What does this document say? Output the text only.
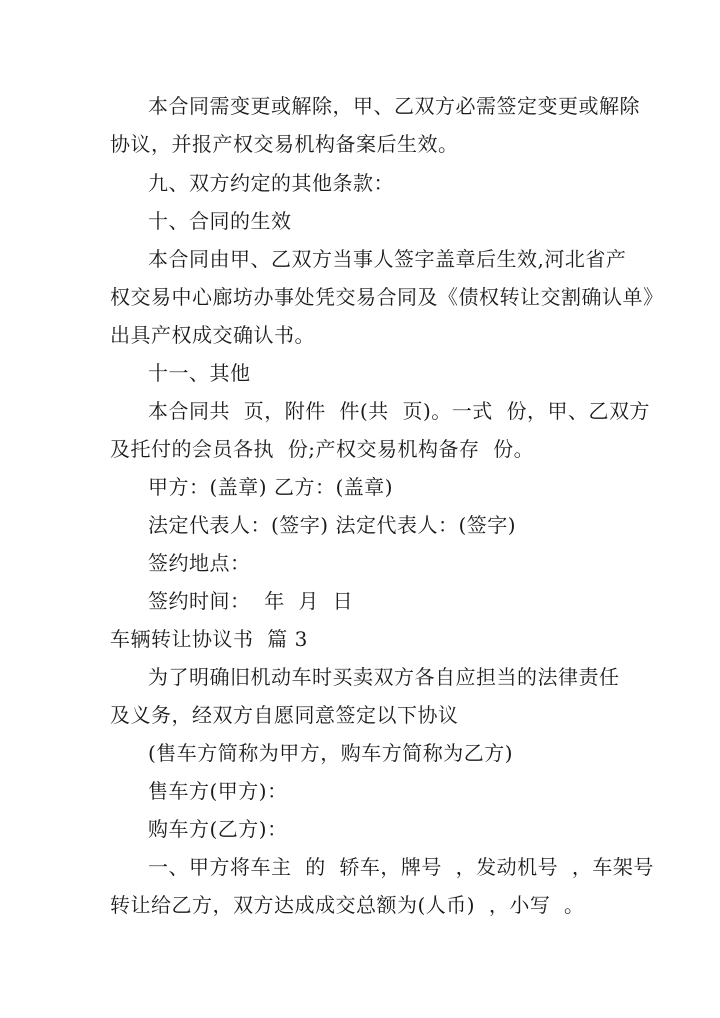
本合同需变更或解除，甲、乙双方必需签定变更或解除
协议，并报产权交易机构备案后生效。
九、双方约定的其他条款：
十、合同的生效
本合同由甲、乙双方当事人签字盖章后生效,河北省产
权交易中心廊坊办事处凭交易合同及《债权转让交割确认单》
出具产权成交确认书。
十一、其他
本合同共  页，附件  件(共  页)。一式  份，甲、乙双方
及托付的会员各执  份;产权交易机构备存  份。
甲方：(盖章) 乙方：(盖章)
法定代表人：(签字) 法定代表人：(签字)
签约地点：
签约时间：  年  月  日
车辆转让协议书  篇 3
为了明确旧机动车时买卖双方各自应担当的法律责任
及义务，经双方自愿同意签定以下协议
(售车方简称为甲方，购车方简称为乙方)
售车方(甲方)：
购车方(乙方)：
一、甲方将车主  的  轿车，牌号  ，发动机号  ，车架号
转让给乙方，双方达成成交总额为(人币)  ，小写  。
